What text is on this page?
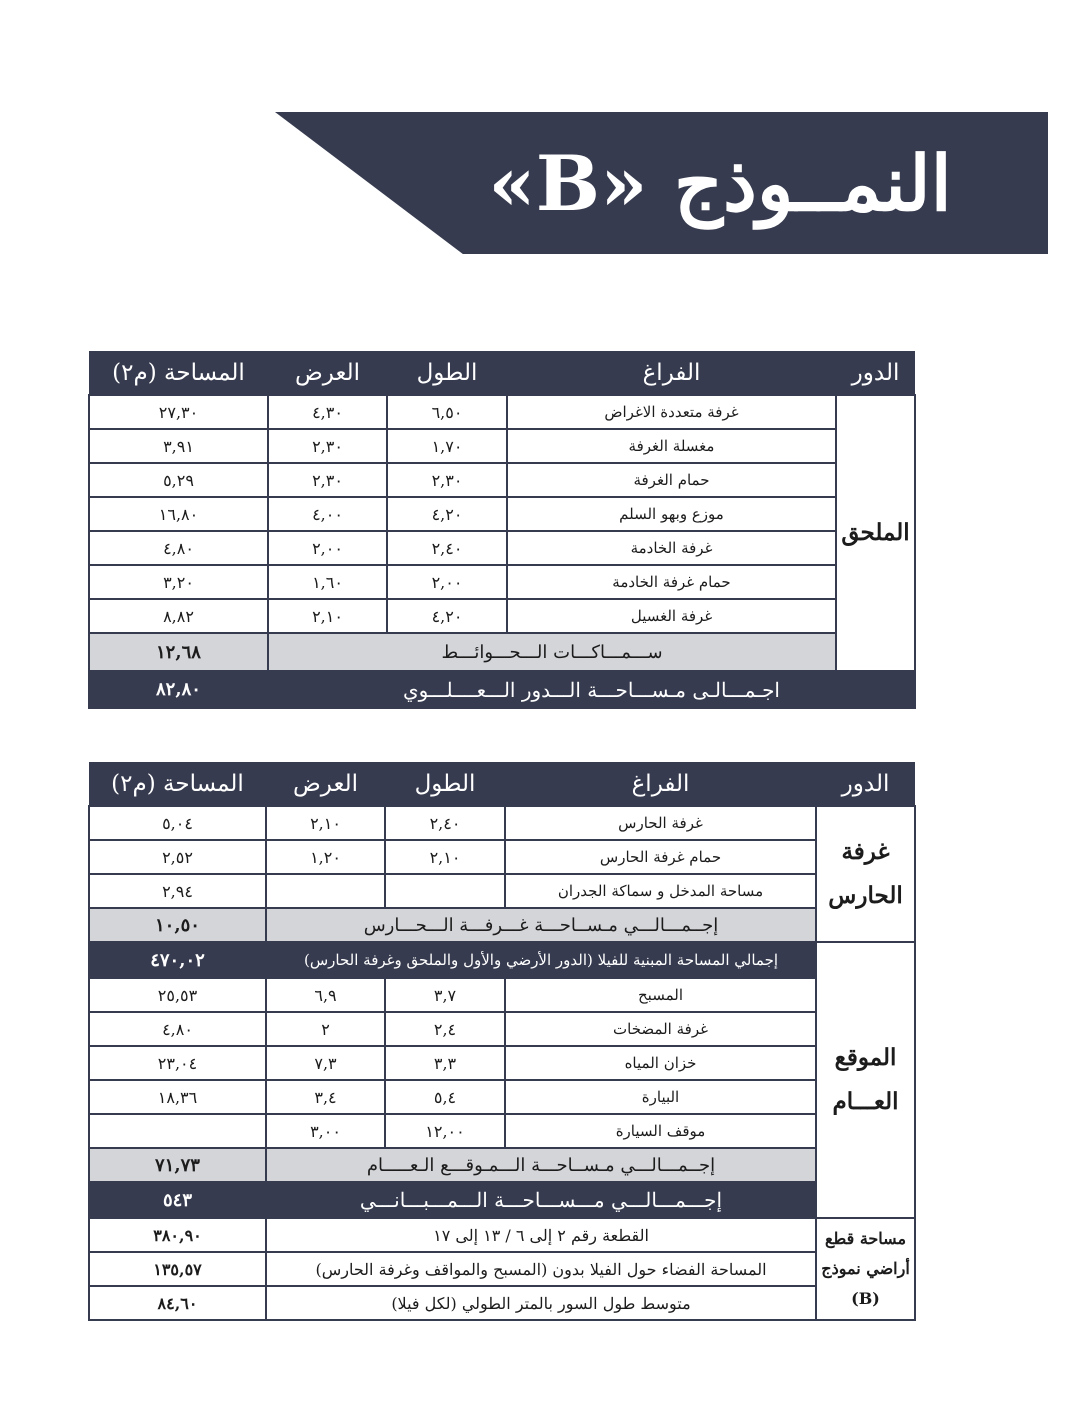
النمــوذج «B»
الدور	الفراغ	الطول	العرض	المساحة (م٢)
الملحق	غرفة متعددة الاغراض	٦,٥٠	٤,٣٠	٢٧,٣٠
	مغسلة الغرفة	١,٧٠	٢,٣٠	٣,٩١
	حمام الغرفة	٢,٣٠	٢,٣٠	٥,٢٩
	موزع وبهو السلم	٤,٢٠	٤,٠٠	١٦,٨٠
	غرفة الخادمة	٢,٤٠	٢,٠٠	٤,٨٠
	حمام غرفة الخادمة	٢,٠٠	١,٦٠	٣,٢٠
	غرفة الغسيل	٤,٢٠	٢,١٠	٨,٨٢
	ســـمـــاكـــات الـــحـــوائـــط			١٢,٦٨
اجـمـــالـى مـســـاحـــة الـــدور الـــعــــلـــوي				٨٢,٨٠
الدور	الفراغ	الطول	العرض	المساحة (م٢)
غرفة الحارس	غرفة الحارس	٢,٤٠	٢,١٠	٥,٠٤
	حمام غرفة الحارس	٢,١٠	١,٢٠	٢,٥٢
	مساحة المدخل و سماكة الجدران			٢,٩٤
	إجــمـــالـــي مـســاحـــة غـــرفـــة الـــحـــارس			١٠,٥٠
الموقع العـــام	إجمالي المساحة المبنية للفيلا (الدور الأرضي والأول والملحق وغرفة الحارس)			٤٧٠,٠٢
	المسبح	٣,٧	٦,٩	٢٥,٥٣
	غرفة المضخات	٢,٤	٢	٤,٨٠
	خزان المياه	٣,٣	٧,٣	٢٣,٠٤
	البيارة	٥,٤	٣,٤	١٨,٣٦
	موقف السيارة	١٢,٠٠	٣,٠٠	
	إجــمـــالـــي مـســاحـــة الـــمـوقـــع الـعـــــام			٧١,٧٣
	إجـــمـــالـــي مـــســـاحـــة الـــمـــبـــانـــي			٥٤٣
مساحة قطع أراضي نموذج (B)	القطعة رقم ٢ إلى ٦ / ١٣ إلى ١٧			٣٨٠,٩٠
	المساحة الفضاء حول الفيلا بدون (المسبح والمواقف وغرفة الحارس)			١٣٥,٥٧
	متوسط طول السور بالمتر الطولي (لكل فيلا)			٨٤,٦٠
